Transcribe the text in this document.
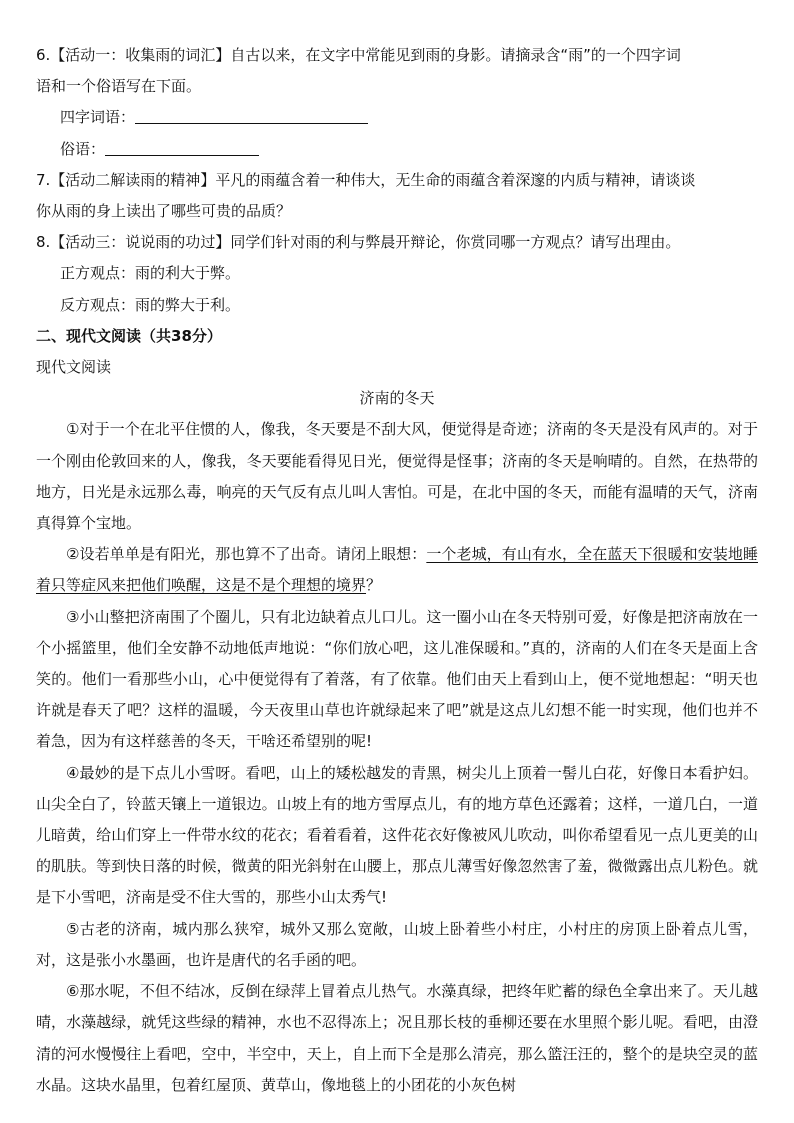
6.【活动一：收集雨的词汇】自古以来，在文字中常能见到雨的身影。请摘录含“雨”的一个四字词
语和一个俗语写在下面。
四字词语：
俗语：
7.【活动二解读雨的精神】平凡的雨蕴含着一种伟大，无生命的雨蕴含着深邃的内质与精神，请谈谈
你从雨的身上读出了哪些可贵的品质？
8.【活动三：说说雨的功过】同学们针对雨的利与弊晨开辩论，你赏同哪一方观点？请写出理由。
正方观点：雨的利大于弊。
反方观点：雨的弊大于利。
二、现代文阅读（共38分）
现代文阅读
济南的冬天
①对于一个在北平住惯的人，像我，冬天要是不刮大风，便觉得是奇迹；济南的冬天是没有风声的。对于一个刚由伦敦回来的人，像我，冬天要能看得见日光，便觉得是怪事；济南的冬天是响晴的。自然，在热带的地方，日光是永远那么毒，响亮的天气反有点儿叫人害怕。可是，在北中国的冬天，而能有温晴的天气，济南真得算个宝地。
②设若单单是有阳光，那也算不了出奇。请闭上眼想：一个老城，有山有水，全在蓝天下很暖和安装地睡着只等症风来把他们唤醒，这是不是个理想的境界？
③小山整把济南围了个圈儿，只有北边缺着点儿口儿。这一圈小山在冬天特别可爱，好像是把济南放在一个小摇篮里，他们全安静不动地低声地说：“你们放心吧，这儿准保暖和。”真的，济南的人们在冬天是面上含笑的。他们一看那些小山，心中便觉得有了着落，有了依靠。他们由天上看到山上，便不觉地想起：“明天也许就是春天了吧？这样的温暖，今天夜里山草也许就绿起来了吧”就是这点儿幻想不能一时实现，他们也并不着急，因为有这样慈善的冬天，干啥还希望别的呢!
④最妙的是下点儿小雪呀。看吧，山上的矮松越发的青黑，树尖儿上顶着一髻儿白花，好像日本看护妇。山尖全白了，铃蓝天镶上一道银边。山坡上有的地方雪厚点儿，有的地方草色还露着；这样，一道几白，一道儿暗黄，给山们穿上一件带水纹的花衣；看着看着，这件花衣好像被风儿吹动，叫你希望看见一点儿更美的山的肌肤。等到快日落的时候，微黄的阳光斜射在山腰上，那点儿薄雪好像忽然害了羞，微微露出点儿粉色。就是下小雪吧，济南是受不住大雪的，那些小山太秀气!
⑤古老的济南，城内那么狭窄，城外又那么宽敞，山坡上卧着些小村庄，小村庄的房顶上卧着点儿雪，对，这是张小水墨画，也许是唐代的名手函的吧。
⑥那水呢，不但不结冰，反倒在绿萍上冒着点儿热气。水藻真绿，把终年贮蓄的绿色全拿出来了。天儿越晴，水藻越绿，就凭这些绿的精神，水也不忍得冻上；况且那长枝的垂柳还要在水里照个影儿呢。看吧，由澄清的河水慢慢往上看吧，空中，半空中，天上，自上而下全是那么清亮，那么篮汪汪的，整个的是块空灵的蓝水晶。这块水晶里，包着红屋顶、黄草山，像地毯上的小团花的小灰色树
